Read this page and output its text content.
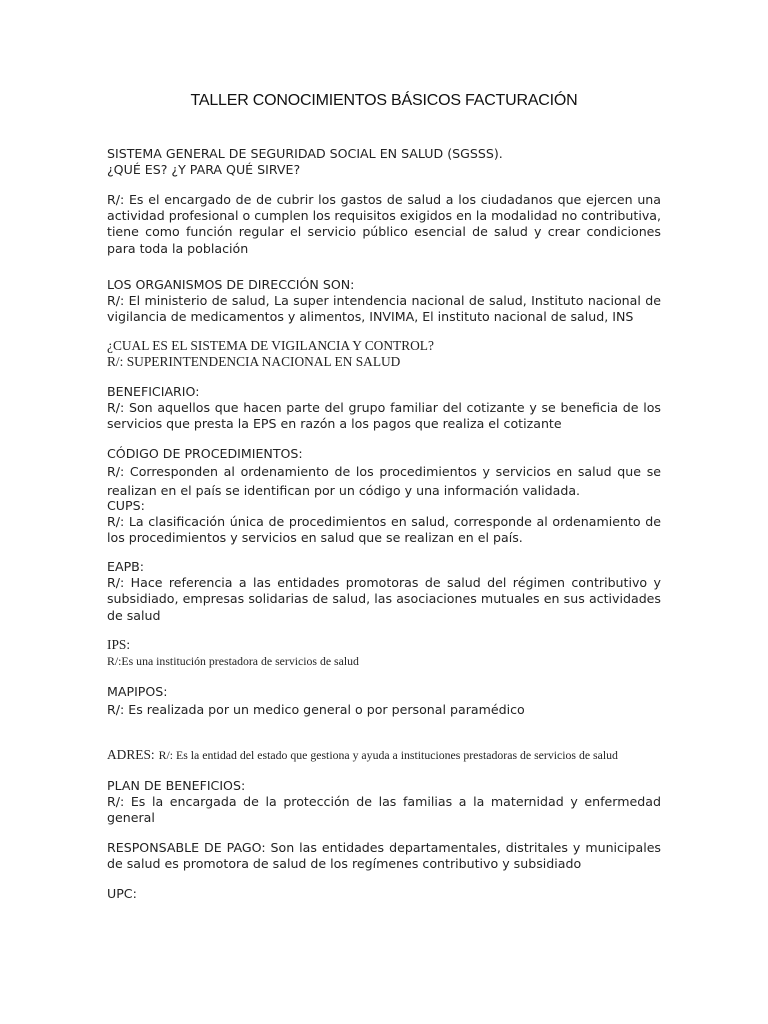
TALLER CONOCIMIENTOS BÁSICOS FACTURACIÓN
SISTEMA GENERAL DE SEGURIDAD SOCIAL EN SALUD (SGSSS).
¿QUÉ ES? ¿Y PARA QUÉ SIRVE?
R/: Es el encargado de de cubrir los gastos de salud a los ciudadanos que ejercen una actividad profesional o cumplen los requisitos exigidos en la modalidad no contributiva, tiene como función regular el servicio público esencial de salud y crear condiciones para toda la población
LOS ORGANISMOS DE DIRECCIÓN SON:
R/: El ministerio de salud, La super intendencia nacional de salud, Instituto nacional de vigilancia de medicamentos y alimentos, INVIMA, El instituto nacional de salud, INS
¿CUAL ES EL SISTEMA DE VIGILANCIA Y CONTROL?
R/: SUPERINTENDENCIA NACIONAL EN SALUD
BENEFICIARIO:
R/: Son aquellos que hacen parte del grupo familiar del cotizante y se beneficia de los servicios que presta la EPS en razón a los pagos que realiza el cotizante
CÓDIGO DE PROCEDIMIENTOS:
R/: Corresponden al ordenamiento de los procedimientos y servicios en salud que se realizan en el país se identifican por un código y una información validada.
CUPS:
R/: La clasificación única de procedimientos en salud, corresponde al ordenamiento de los procedimientos y servicios en salud que se realizan en el país.
EAPB:
R/: Hace referencia a las entidades promotoras de salud del régimen contributivo y subsidiado, empresas solidarias de salud, las asociaciones mutuales en sus actividades de salud
IPS:
R/:Es una institución prestadora de servicios de salud
MAPIPOS:
R/: Es realizada por un medico general o por personal paramédico
ADRES: R/: Es la entidad del estado que gestiona y ayuda a instituciones prestadoras de servicios de salud
PLAN DE BENEFICIOS:
R/: Es la encargada de la protección de las familias a la maternidad y enfermedad general
RESPONSABLE DE PAGO: Son las entidades departamentales, distritales y municipales de salud es promotora de salud de los regímenes contributivo y subsidiado
UPC:
